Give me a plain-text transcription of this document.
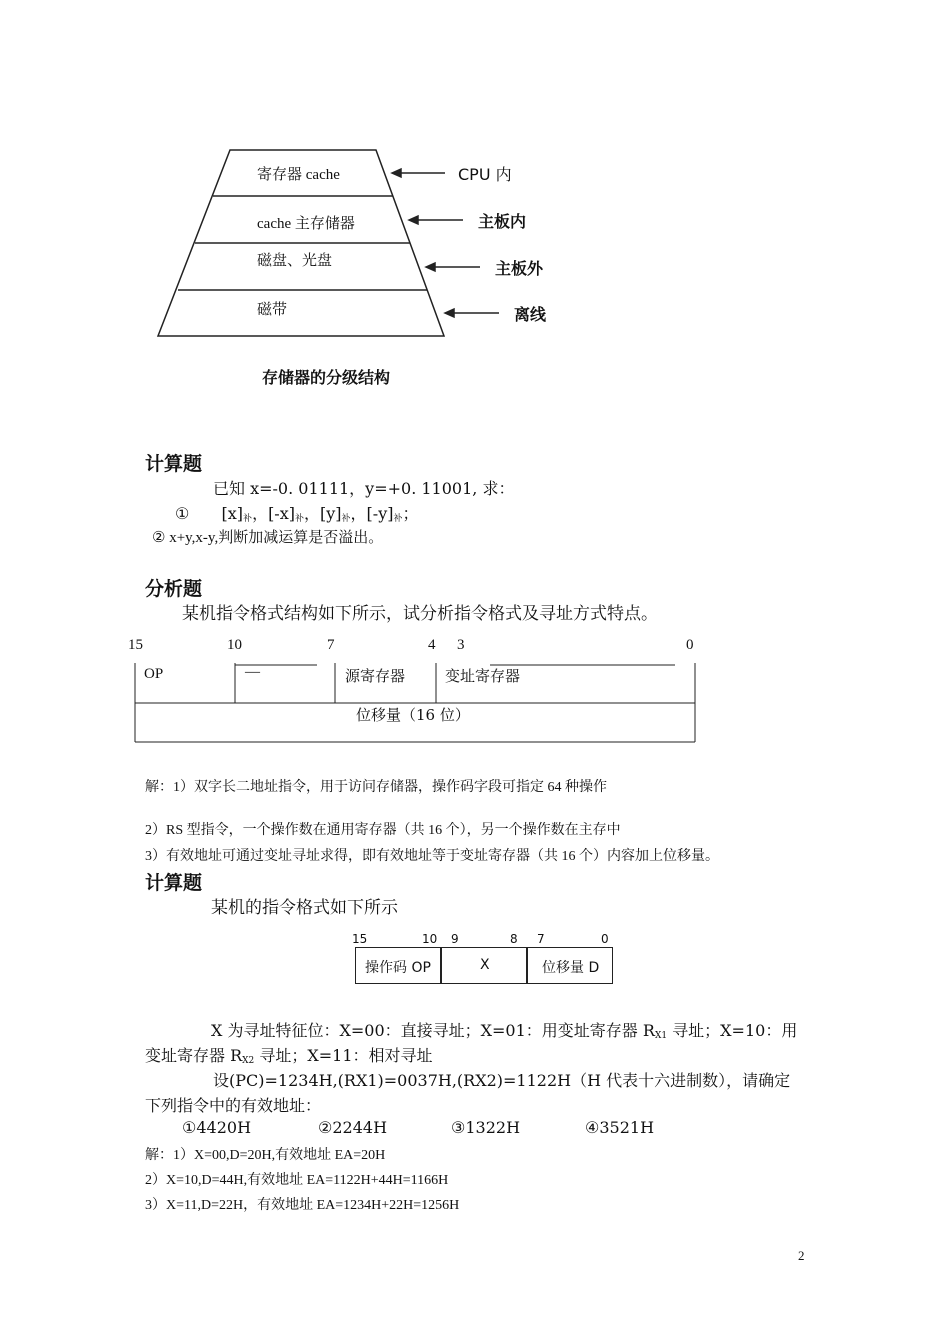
寄存器 cache
cache 主存储器
磁盘、光盘
磁带
CPU 内
主板内
主板外
离线
存储器的分级结构
计算题
已知 x=-0. 01111，y=+0. 11001, 求：
① $[x]_补$，$[-x]_补$，$[y]_补$，$[-y]_补$；
② x+y,x-y,判断加减运算是否溢出。
分析题
某机指令格式结构如下所示，试分析指令格式及寻址方式特点。
15	10	7	4 3	0
OP	—	源寄存器	变址寄存器
位移量（16 位）
解：1）双字长二地址指令，用于访问存储器，操作码字段可指定 64 种操作
2）RS 型指令，一个操作数在通用寄存器（共 16 个），另一个操作数在主存中
3）有效地址可通过变址寻址求得，即有效地址等于变址寄存器（共 16 个）内容加上位移量。
计算题
某机的指令格式如下所示
15	10 9	8 7	0
操作码 OP	X	位移量 D
X 为寻址特征位：X=00：直接寻址；X=01：用变址寄存器 $R_{X1}$ 寻址；X=10：用
变址寄存器 $R_{X2}$ 寻址；X=11：相对寻址
设(PC)=1234H,(RX1)=0037H,(RX2)=1122H（H 代表十六进制数），请确定
下列指令中的有效地址：
①4420H	②2244H	③1322H	④3521H
解：1）X=00,D=20H,有效地址 EA=20H
2）X=10,D=44H,有效地址 EA=1122H+44H=1166H
3）X=11,D=22H，有效地址 EA=1234H+22H=1256H
2
